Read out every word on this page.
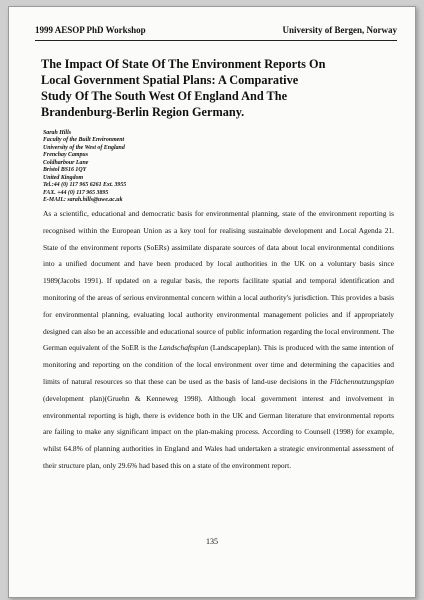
1999 AESOP PhD Workshop	University of Bergen, Norway
The Impact Of State Of The Environment Reports On
Local Government Spatial Plans: A Comparative
Study Of The South West Of England And The
Brandenburg-Berlin Region Germany.
Sarah Hills
Faculty of the Built Environment
University of the West of England
Frenchay Campus
Coldharbour Lane
Bristol BS16 1QY
United Kingdom
Tel.:44 (0) 117 965 6261 Ext. 3955
FAX. +44 (0) 117 965 3895
E-MAIL: sarah.hills@uwe.ac.uk

As a scientific, educational and democratic basis for environmental planning, state of the environment reporting is recognised within the European Union as a key tool for realising sustainable development and Local Agenda 21. State of the environment reports (SoERs) assimilate disparate sources of data about local environmental conditions into a unified document and have been produced by local authorities in the UK on a voluntary basis since 1989(Jacobs 1991). If updated on a regular basis, the reports facilitate spatial and temporal identification and monitoring of the areas of serious environmental concern within a local authority's jurisdiction. This provides a basis for environmental planning, evaluating local authority environmental management policies and if appropriately designed can also be an accessible and educational source of public information regarding the local environment. The German equivalent of the SoER is the Landschaftsplan (Landscapeplan). This is produced with the same intention of monitoring and reporting on the condition of the local environment over time and determining the capacities and limits of natural resources so that these can be used as the basis of land-use decisions in the Flächennutzungsplan (development plan)(Gruehn & Kenneweg 1998). Although local government interest and involvement in environmental reporting is high, there is evidence both in the UK and German literature that environmental reports are failing to make any significant impact on the plan-making process. According to Counsell (1998) for example, whilst 64.8% of planning authorities in England and Wales had undertaken a strategic environmental assessment of their structure plan, only 29.6% had based this on a state of the environment report.

135
